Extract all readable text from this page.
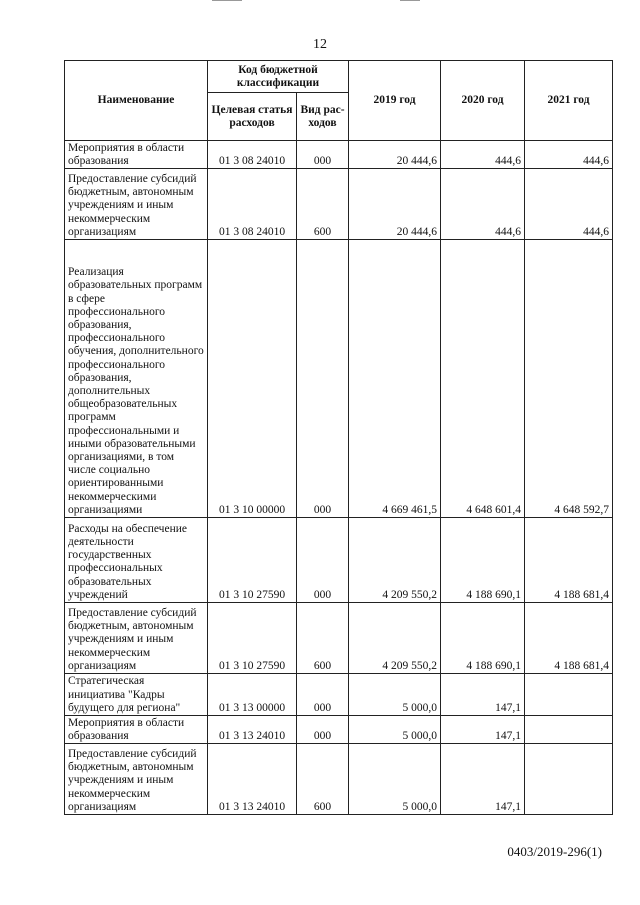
12
Наименование	Код бюджетной классификации		2019 год	2020 год	2021 год
	Целевая статья расходов	Вид рас-ходов			
Мероприятия в области образования	01 3 08 24010	000	20 444,6	444,6	444,6
Предоставление субсидий бюджетным, автономным учреждениям и иным некоммерческим организациям	01 3 08 24010	600	20 444,6	444,6	444,6
Реализация образовательных программ в сфере профессионального образования, профессионального обучения, дополнительного профессионального образования, дополнительных общеобразовательных программ профессиональными и иными образовательными организациями, в том числе социально ориентированными некоммерческими организациями	01 3 10 00000	000	4 669 461,5	4 648 601,4	4 648 592,7
Расходы на обеспечение деятельности государственных профессиональных образовательных учреждений	01 3 10 27590	000	4 209 550,2	4 188 690,1	4 188 681,4
Предоставление субсидий бюджетным, автономным учреждениям и иным некоммерческим организациям	01 3 10 27590	600	4 209 550,2	4 188 690,1	4 188 681,4
Стратегическая инициатива "Кадры будущего для региона"	01 3 13 00000	000	5 000,0	147,1	
Мероприятия в области образования	01 3 13 24010	000	5 000,0	147,1	
Предоставление субсидий бюджетным, автономным учреждениям и иным некоммерческим организациям	01 3 13 24010	600	5 000,0	147,1	
0403/2019-296(1)
